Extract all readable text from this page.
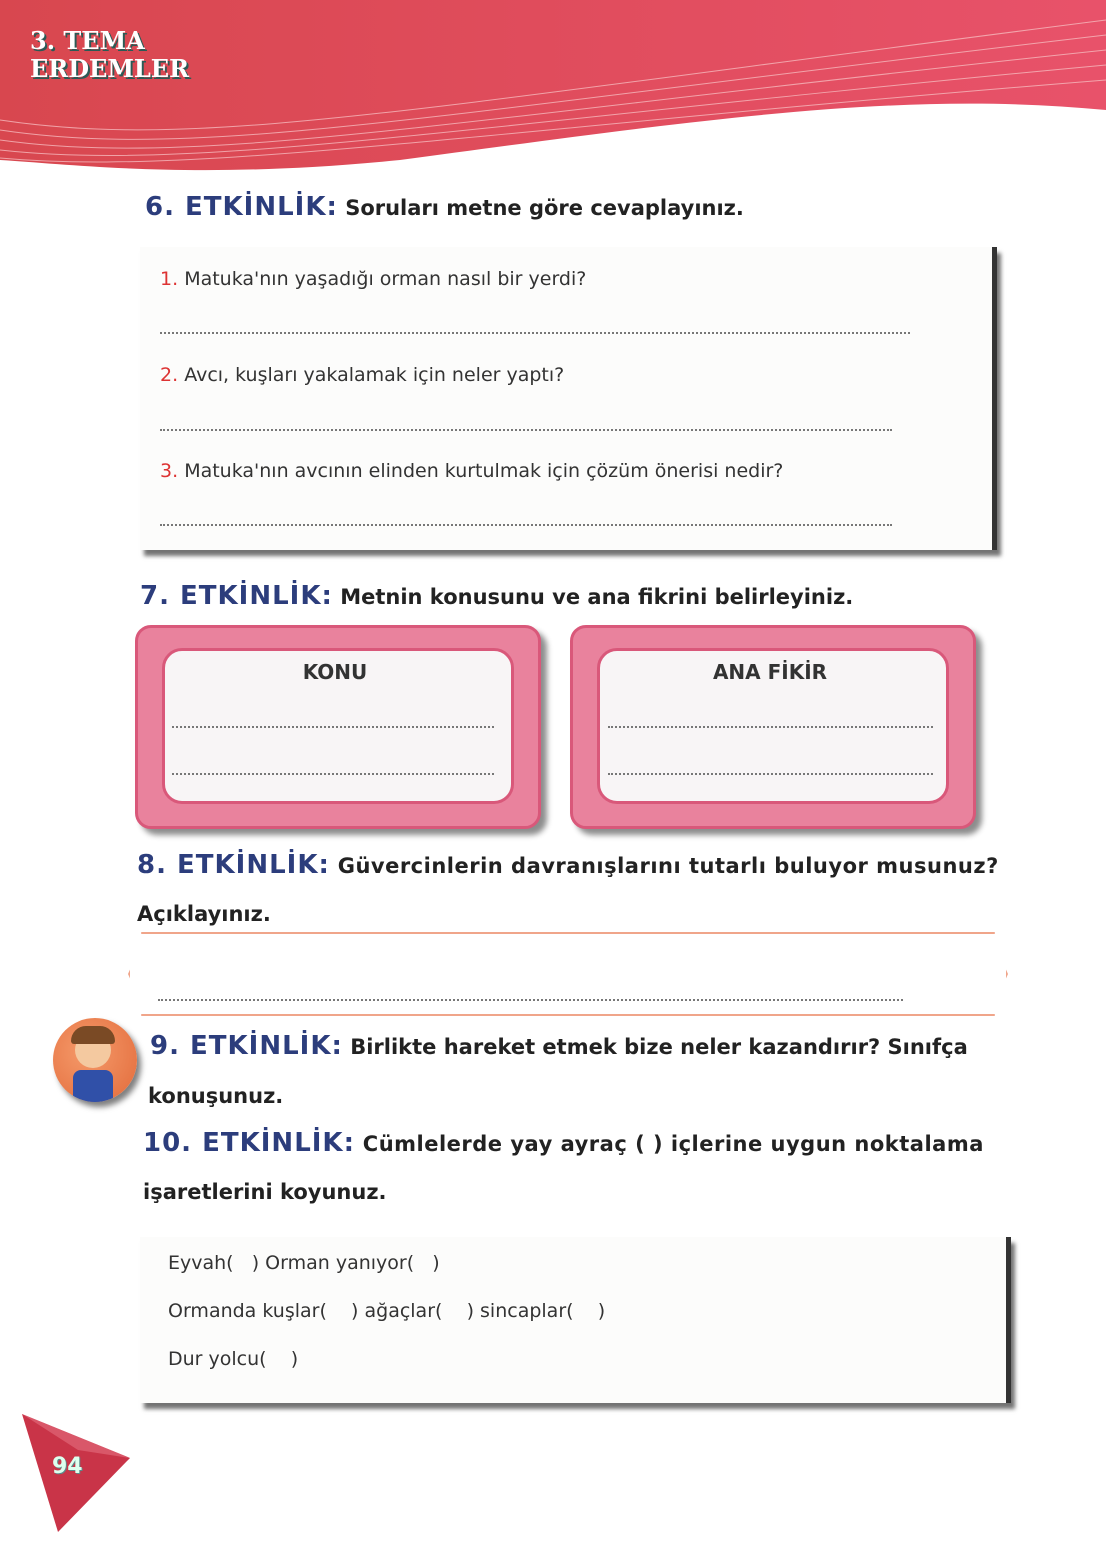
3. TEMA
ERDEMLER
6. ETKİNLİK: Soruları metne göre cevaplayınız.
1. Matuka'nın yaşadığı orman nasıl bir yerdi?
2. Avcı, kuşları yakalamak için neler yaptı?
3. Matuka'nın avcının elinden kurtulmak için çözüm önerisi nedir?
7. ETKİNLİK: Metnin konusunu ve ana fikrini belirleyiniz.
KONU	ANA FİKİR
8. ETKİNLİK: Güvercinlerin davranışlarını tutarlı buluyor musunuz?
Açıklayınız.
9. ETKİNLİK: Birlikte hareket etmek bize neler kazandırır? Sınıfça
konuşunuz.
10. ETKİNLİK: Cümlelerde yay ayraç ( ) içlerine uygun noktalama
işaretlerini koyunuz.
Eyvah(   ) Orman yanıyor(   )
Ormanda kuşlar(    ) ağaçlar(    ) sincaplar(    )
Dur yolcu(    )
94
